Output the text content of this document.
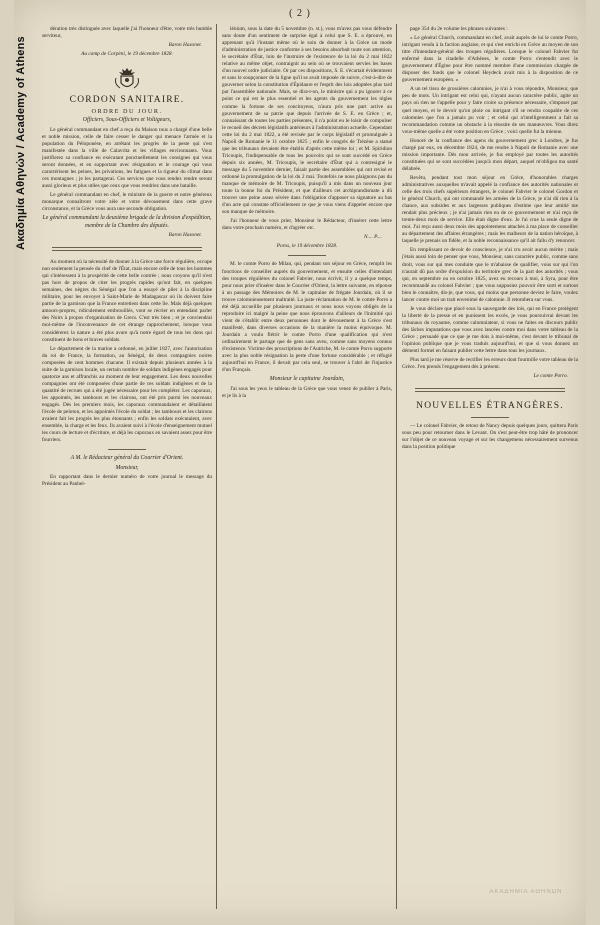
Ακαδημία Αθηνών / Academy of Athens
( 2 )

dération très distinguée avec laquelle j'ai l'honneur d'être, votre très humble serviteur,

Baron Hasonet.

Au camp de Corpèni, le 19 décembre 1828.

CORDON SANITAIRE.

ORDRE DU JOUR.

Officiers, Sous-Officiers et Voltigeurs,

Le général commandant en chef a reçu du Maison tous a chargé d'une belle et noble mission, celle de faire cesser le danger qui menace l'armée et la population du Péloponèse, en arrêtant les progrès de la peste qui s'est manifestée dans la ville de Calavrita et les villages environnants. Vous justifierez sa confiance en exécutant ponctuellement les consignes qui vous seront données, et en supportant avec résignation et le courage qui vous caractérisent les peines, les privations, les fatigues et la rigueur du climat dans ces montagnes ; je les partagerai. Ces services que vous rendez rendre seront aussi glorieux et plus utiles que ceux que vous rendriez dans une bataille.

Le général commandant en chef, le ministre de la guerre et notre généreux monarque connaîtront votre zèle et votre dévouement dans cette grave circonstance, et la Grèce vous aura une seconde obligation.

Le général commandant la deuxième brigade de la division d'expédition, membre de la Chambre des députés.

Baron Hasonet.

Au moment où la nécessité de donner à la Grèce une force régulière, occupe non seulement la pensée du chef de l'État, mais encore celle de tous les hommes qui s'intéressent à la prospérité de cette belle contrée ; nous croyons qu'il n'est pas hors de propos de citer les progrès rapides qu'ont fait, en quelques semaines, des nègres du Sénégal que l'on a essayé de plier à la discipline militaire, pour les envoyer à Saint-Marie de Madagascar où ils doivent faire partie de la garnison que la France entretient dans cette île. Mais déjà quelques amours-propres, ridiculement embrouillés, vont se récrier en entendant parler des Noirs à propos d'organisation de Grecs. C'est très bien ; et je conviendrai moi-même de l'inconvenance de cet étrange rapprochement, lorsque vous considérerez la nature a été plus avare qu'à notre égard de tous les dons qui constituent de bons et braves soldats.

Le département de la marine a ordonné, en juillet 1827, avec l'autorisation du roi de France, la formation, au Sénégal, de deux compagnies noires composées de cent hommes chacune. Il existait depuis plusieurs années à la suite de la garnison locale, un certain nombre de soldats indigènes engagés pour quatorze ans et affranchis au moment de leur engagement. Les deux nouvelles compagnies ont été composées d'une partie de ces soldats indigènes et de la quantité de recrues qui a été jugée nécessaire pour les compléter. Les caporaux, les appointés, les tambours et les clairons, ont été pris parmi les nouveaux engagés. Dès les premiers mois, les caporaux commandaient et détaillaient l'école de peloton, et les appointés l'école du soldat ; les tambours et les clairons avaient fait les progrès les plus étonnants ; enfin les soldats exécutaient, avec ensemble, la charge et les feux. Ils avaient suivi à l'école d'enseignement mutuel les cours de lecture et d'écriture, et déjà les caporaux en savaient assez pour être fourriers.

A M. le Rédacteur général du Courrier d'Orient.

Monsieur,

En rapportant dans le dernier numéro de votre journal le message du Président au Panhel-

lénium, sous la date du 5 novembre (n. st.), vous m'avez pas vous défendre sans doute d'un sentiment de surprise égal à celui que S. E. a éprouvé, en apprenant qu'à l'instant même où le soin de donner à la Grèce un mode d'administration de justice conforme à ses besoins absorbait toute son attention, le secrétaire d'État, loin de l'instruire de l'existence de la loi du 2 mai 1822 relative au même objet, contraignit au sein où se trouvaient servies les bases d'un nouvel ordre judiciaire. Or par ces dispositions, S. E. s'écartait évidemment et sans le soupçonner de la ligne qu'il se avait imposée de suivre, c'est-à-dire de gouverner selon la constitution d'Épidaure et l'esprit des lois adoptées plus tard par l'assemblée nationale. Mais, se dira-t-on, le ministre qui a pu ignorer à ce point ce qui est le plus essentiel et les agents du gouvernement les règles comme la fortune de ses concitoyens, n'aura pris une part active au gouvernement de sa patrie que depuis l'arrivée de S. E. en Grèce ; et, connaissant de toutes les parties présentes, il n'a point eu le loisir de compulser le recueil des décrets législatifs antérieurs à l'administration actuelle. Cependant cette loi du 2 mai 1822, a été revisée par le corps législatif et promulguée à Napoli de Romanie le 11 octobre 1825 ; enfin le congrès de Trézène a statué que les tribunaux devaient être établis d'après cette même loi ; et M. Spiridion Tricoupis, l'indispensable de tous les pouvoirs qui se sont succédé en Grèce depuis six années, M. Tricoupis, le secrétaire d'État qui a contresigné le message du 5 novembre dernier, faisait partie des assemblées qui ont revisé et ordonné la promulgation de la loi du 2 mai. Toutefois ne nous plaignons pas du manque de mémoire de M. Tricoupis, puisqu'il a mis dans un nouveau jour toute la bonne foi du Président, et que d'ailleurs cet archiprandismate a dû trouver une peine assez sévère dans l'obligation d'apposer sa signature au bas d'un acte qui constate officiellement ce que je vous viens d'appeler encore que son manque de mémoire.

J'ai l'honneur de vous prier, Monsieur le Rédacteur, d'insérer cette lettre dans votre prochain numéro, et d'agréer etc.

N.... P....

Poros, le 19 décembre 1828.

M. le comte Porro de Milan, qui, pendant son séjour en Grèce, remplit les fonctions de conseiller auprès du gouvernement, et ensuite celles d'intendant des troupes régulières du colonel Fabvier, nous écrivit, il y a quelque temps, pour nous prier d'insérer dans le Courrier d'Orient, la lettre suivante, en réponse à un passage des Mémoires de M. le capitaine de frégate Jourdain, où il se trouve calomnieusement maltraité. La juste réclamation de M. le comte Porro a été déjà accueillie par plusieurs journaux et nous nous voyons obligés de la reproduire ici malgré la peine que nous éprouvons d'ailleurs de l'inimitié qui vient de s'établir entre deux personnes dont le dévouement à la Grèce s'est manifesté, dans diverses occasions de la manière la moins équivoque. M. Jourdain a voulu flétrir le comte Porro d'une qualification qui n'est ordinairement le partage que de gens sans aveu, comme sans moyens connus d'existence. Victime des proscriptions de l'Autriche, M. le comte Porro supporte avec la plus noble résignation la perte d'une fortune considérable ; et réfugié aujourd'hui en France, il devait par cela seul, se trouver à l'abri de l'injustice d'un Français.

Monsieur le capitaine Jourdain,

J'ai sous les yeux le tableau de la Grèce que vous venez de publier à Paris, et je lis à la

page 354 du 2e volume les phrases suivantes :

« Le général Church, commandant en chef, avait auprès de lui le comte Porro, intrigant vendu à la faction anglaise, et qui s'est enrichi en Grèce au moyen de son titre d'intendant-général des troupes régulières. Lorsque le colonel Fabvier fut enfermé dans la citadelle d'Athènes, le comte Porro s'entendit avec le gouvernement d'Égine pour être nommé membre d'une commission chargée de disposer des fonds que le colonel Heydeck avait mis à la disposition de ce gouvernement européen. »

A un tel tissu de grossières calomnies, je n'ai à vous répondre, Monsieur, que peu de mots. Un intrigant est celui qui, n'ayant aucun caractère public, agite un pays où rien ne l'appelle pour y faire croire sa présence nécessaire, s'imposer par quel moyen, et le devoir qu'on ploie ou intrigant s'il se rendra coupable de ces calomnies que l'on a jamais pu voir ; et celui qui n'intelligemment a fait sa recommandation comme un obstacle à la réussite de ses manœuvres. Vous direz vous-même quelle a été votre position en Grèce ; voici quelle fut la mienne.

Honoré de la confiance des agens du gouvernement grec à Londres, je fus chargé par eux, en décembre 1824, de me rendre à Napoli de Romanie avec une mission importante. Dès mon arrivée, je fus employé par toutes les autorités constituées qui se sont succédées jusqu'à mon départ, auquel m'obligea ma santé délabrée.

Revêtu, pendant tout mon séjour en Grèce, d'honorables charges administratives auxquelles m'avait appelé la confiance des autorités nationales et celle des trois chefs supérieurs étrangers, le colonel Fabvier le colonel Gordon et le général Church, qui ont commandé les armées de la Grèce, je n'ai dû rien à la chance, aux subsides et aux largesses publiques d'estime que leur amitié me rendait plus précieux ; je n'ai jamais rien eu de ce gouvernement et n'ai reçu de trente-deux mois de service. Elle était digne d'eux. Je l'ai crue la seule digne de moi. J'ai reçu aussi deux mois des appointemens attachés à ma place de conseiller au département des affaires étrangères ; mais les malheurs de la nation héroïque, à laquelle je prenais un fidèle, et la noble reconnaissance qu'il ait fallu d'y renoncer.

En remplissant ce devoir de conscience, je n'ai cru avoir aucun mérite ; mais j'étais aussi loin de penser que vous, Monsieur, sans caractère public, comme sans droit, vous sur qui mes conduite que le m'abaisse de qualifier, vous sur qui l'on n'aurait dû pas ordre d'expulsion du territoire grec de la part des autorités ; vous qui, en septembre ou en octobre 1825, avez eu recours à moi, à Syra, pour être recommandé au colonel Fabvier ; que vous supposiez pouvoir être sorti et surtout bien le connaître, dis-je, que vous, qui moins que personne deviez le faire, voulez lancer contre moi un trait envenimé de calomnie. Il retombera sur vous.

Je vous déclare que placé sous la sauvegarde des lois, qui en France protègent la liberté de la presse et en punissent les excès, je vous poursuivrai devant les tribunaux du royaume, comme calomniateur, si vous ne faites en discours public des lâches imputations que vous avez lancées contre moi dans votre tableau de la Grèce ; persuadé que ce que je me dois à moi-même, c'est devant le tribunal de l'opinion publique que je vous traduis aujourd'hui, et que si vous donnez un démenti formel en faisant publier cette lettre dans tous les journaux.

Plus tard je me réserve de rectifier les erreurs dont fourmille votre tableau de la Grèce. J'en prends l'engagement dès à présent.

Le comte Porro.

NOUVELLES ÉTRANGÈRES.

— Le colonel Fabvier, de retour de Nancy depuis quelques jours, quittera Paris sous peu pour retourner dans le Levant. On s'est peut-être trop hâté de prononcer sur l'objet de ce nouveau voyage et sur les changemens nécessairement survenus dans la position politique

ΑΚΑΔΗΜΙΑ ΑΘΗΝΩΝ
